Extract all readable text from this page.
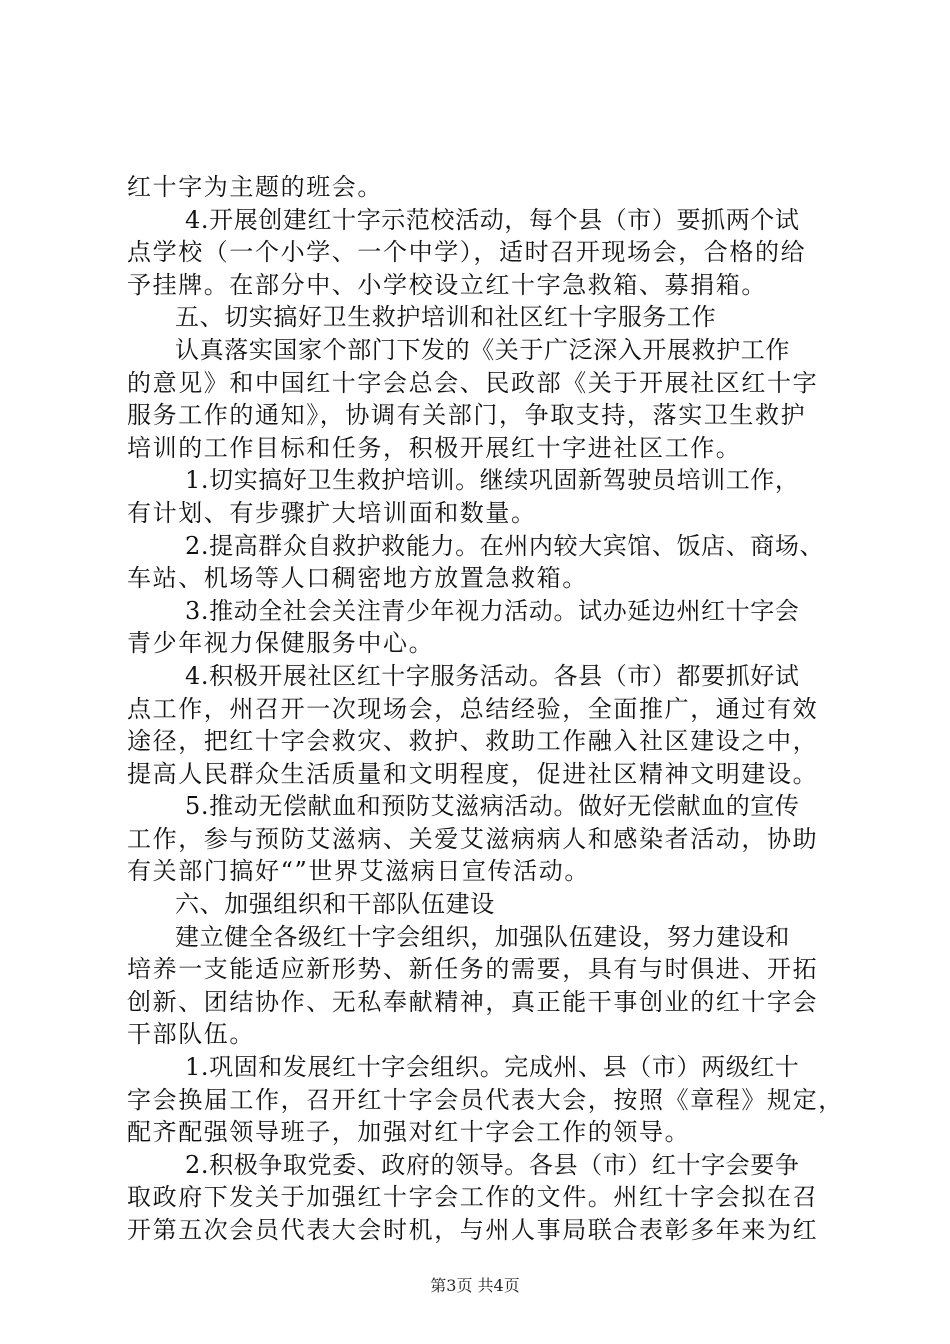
红十字为主题的班会。
4.开展创建红十字示范校活动，每个县（市）要抓两个试
点学校（一个小学、一个中学），适时召开现场会，合格的给
予挂牌。在部分中、小学校设立红十字急救箱、募捐箱。
五、切实搞好卫生救护培训和社区红十字服务工作
认真落实国家个部门下发的《关于广泛深入开展救护工作
的意见》和中国红十字会总会、民政部《关于开展社区红十字
服务工作的通知》，协调有关部门，争取支持，落实卫生救护
培训的工作目标和任务，积极开展红十字进社区工作。
1.切实搞好卫生救护培训。继续巩固新驾驶员培训工作，
有计划、有步骤扩大培训面和数量。
2.提高群众自救护救能力。在州内较大宾馆、饭店、商场、
车站、机场等人口稠密地方放置急救箱。
3.推动全社会关注青少年视力活动。试办延边州红十字会
青少年视力保健服务中心。
4.积极开展社区红十字服务活动。各县（市）都要抓好试
点工作，州召开一次现场会，总结经验，全面推广，通过有效
途径，把红十字会救灾、救护、救助工作融入社区建设之中，
提高人民群众生活质量和文明程度，促进社区精神文明建设。
5.推动无偿献血和预防艾滋病活动。做好无偿献血的宣传
工作，参与预防艾滋病、关爱艾滋病病人和感染者活动，协助
有关部门搞好“”世界艾滋病日宣传活动。
六、加强组织和干部队伍建设
建立健全各级红十字会组织，加强队伍建设，努力建设和
培养一支能适应新形势、新任务的需要，具有与时俱进、开拓
创新、团结协作、无私奉献精神，真正能干事创业的红十字会
干部队伍。
1.巩固和发展红十字会组织。完成州、县（市）两级红十
字会换届工作，召开红十字会员代表大会，按照《章程》规定，
配齐配强领导班子，加强对红十字会工作的领导。
2.积极争取党委、政府的领导。各县（市）红十字会要争
取政府下发关于加强红十字会工作的文件。州红十字会拟在召
开第五次会员代表大会时机，与州人事局联合表彰多年来为红
第3页 共4页
